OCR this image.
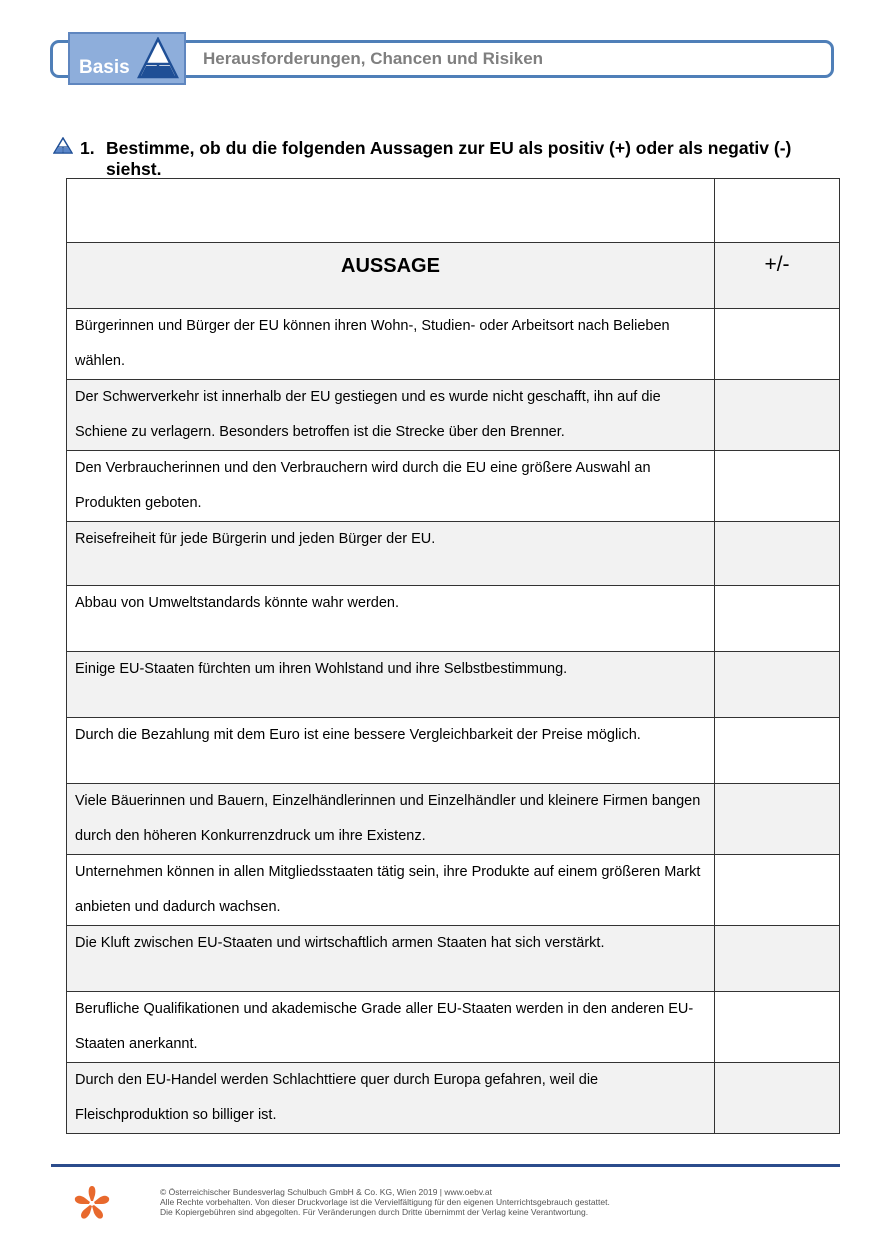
Basis	Herausforderungen, Chancen und Risiken
1. Bestimme, ob du die folgenden Aussagen zur EU als positiv (+) oder als negativ (-) siehst.

AUSSAGE	+/-
Bürgerinnen und Bürger der EU können ihren Wohn-, Studien- oder Arbeitsort nach Belieben wählen.	
Der Schwerverkehr ist innerhalb der EU gestiegen und es wurde nicht geschafft, ihn auf die Schiene zu verlagern. Besonders betroffen ist die Strecke über den Brenner.	
Den Verbraucherinnen und den Verbrauchern wird durch die EU eine größere Auswahl an Produkten geboten.	
Reisefreiheit für jede Bürgerin und jeden Bürger der EU.	
Abbau von Umweltstandards könnte wahr werden.	
Einige EU-Staaten fürchten um ihren Wohlstand und ihre Selbstbestimmung.	
Durch die Bezahlung mit dem Euro ist eine bessere Vergleichbarkeit der Preise möglich.	
Viele Bäuerinnen und Bauern, Einzelhändlerinnen und Einzelhändler und kleinere Firmen bangen durch den höheren Konkurrenzdruck um ihre Existenz.	
Unternehmen können in allen Mitgliedsstaaten tätig sein, ihre Produkte auf einem größeren Markt anbieten und dadurch wachsen.	
Die Kluft zwischen EU-Staaten und wirtschaftlich armen Staaten hat sich verstärkt.	
Berufliche Qualifikationen und akademische Grade aller EU-Staaten werden in den anderen EU-Staaten anerkannt.	
Durch den EU-Handel werden Schlachttiere quer durch Europa gefahren, weil die Fleischproduktion so billiger ist.	
© Österreichischer Bundesverlag Schulbuch GmbH & Co. KG, Wien 2019 | www.oebv.at
Alle Rechte vorbehalten. Von dieser Druckvorlage ist die Vervielfältigung für den eigenen Unterrichtsgebrauch gestattet.
Die Kopiergebühren sind abgegolten. Für Veränderungen durch Dritte übernimmt der Verlag keine Verantwortung.
